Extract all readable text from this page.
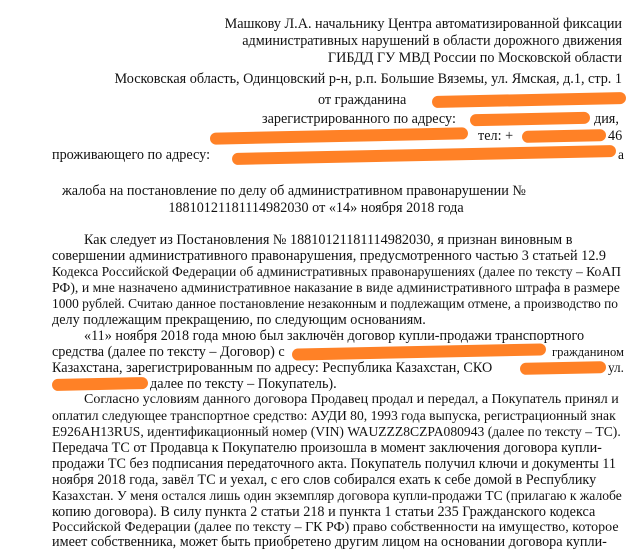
Машкову Л.А. начальнику Центра автоматизированной фиксации
административных нарушений в области дорожного движения
ГИБДД ГУ МВД России по Московской области
Московская область, Одинцовский р-н, р.п. Большие Вяземы, ул. Ямская, д.1, стр. 1
от гражданина
зарегистрированного по адресу:	дия,
тел: +	46
проживающего по адресу:	а
жалоба на постановление по делу об административном правонарушении №
18810121181114982030 от «14» ноября 2018 года
Как следует из Постановления № 18810121181114982030, я признан виновным в
совершении административного правонарушения, предусмотренного частью 3 статьей 12.9
Кодекса Российской Федерации об административных правонарушениях (далее по тексту – КоАП
РФ), и мне назначено административное наказание в виде административного штрафа в размере
1000 рублей. Считаю данное постановление незаконным и подлежащим отмене, а производство по
делу подлежащим прекращению, по следующим основаниям.
«11» ноября 2018 года мною был заключён договор купли-продажи транспортного
средства (далее по тексту – Договор) с	гражданином
Казахстана, зарегистрированным по адресу: Республика Казахстан, СКО	ул.
далее по тексту – Покупатель).
Согласно условиям данного договора Продавец продал и передал, а Покупатель принял и
оплатил следующее транспортное средство: АУДИ 80, 1993 года выпуска, регистрационный знак
E926AH13RUS, идентификационный номер (VIN) WAUZZZ8CZPA080943 (далее по тексту – ТС).
Передача ТС от Продавца к Покупателю произошла в момент заключения договора купли-
продажи ТС без подписания передаточного акта. Покупатель получил ключи и документы 11
ноября 2018 года, завёл ТС и уехал, с его слов собирался ехать к себе домой в Республику
Казахстан. У меня остался лишь один экземпляр договора купли-продажи ТС (прилагаю к жалобе
копию договора). В силу пункта 2 статьи 218 и пункта 1 статьи 235 Гражданского кодекса
Российской Федерации (далее по тексту – ГК РФ) право собственности на имущество, которое
имеет собственника, может быть приобретено другим лицом на основании договора купли-
